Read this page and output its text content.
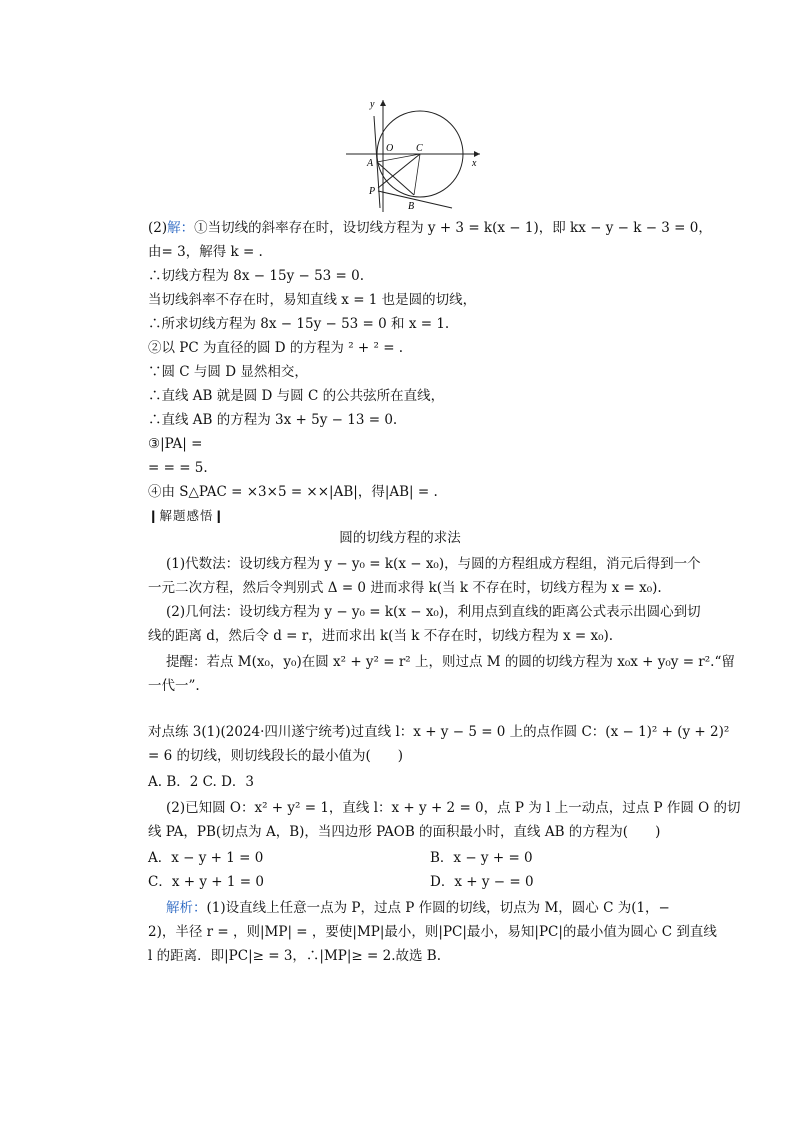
y
x
O C
A
P
B
(2)解：①当切线的斜率存在时，设切线方程为 y + 3 = k(x − 1)，即 kx − y − k − 3 = 0，
由= 3，解得 k = .
∴切线方程为 8x − 15y − 53 = 0.
当切线斜率不存在时，易知直线 x = 1 也是圆的切线，
∴所求切线方程为 8x − 15y − 53 = 0 和 x = 1.
②以 PC 为直径的圆 D 的方程为 ² + ² = .
∵圆 C 与圆 D 显然相交，
∴直线 AB 就是圆 D 与圆 C 的公共弦所在直线，
∴直线 AB 的方程为 3x + 5y − 13 = 0.
③|PA| =
= = = 5.
④由 S△PAC = ×3×5 = ××|AB|，得|AB| = .
❙解题感悟❙
圆的切线方程的求法
(1)代数法：设切线方程为 y − y₀ = k(x − x₀)，与圆的方程组成方程组，消元后得到一个
一元二次方程，然后令判别式 Δ = 0 进而求得 k(当 k 不存在时，切线方程为 x = x₀).
(2)几何法：设切线方程为 y − y₀ = k(x − x₀)，利用点到直线的距离公式表示出圆心到切
线的距离 d，然后令 d = r，进而求出 k(当 k 不存在时，切线方程为 x = x₀).
提醒：若点 M(x₀，y₀)在圆 x² + y² = r² 上，则过点 M 的圆的切线方程为 x₀x + y₀y = r².“留
一代一”.
对点练 3(1)(2024·四川遂宁统考)过直线 l：x + y − 5 = 0 上的点作圆 C：(x − 1)² + (y + 2)²
= 6 的切线，则切线段长的最小值为(　　)
A. B．2 C. D．3
(2)已知圆 O：x² + y² = 1，直线 l：x + y + 2 = 0，点 P 为 l 上一动点，过点 P 作圆 O 的切
线 PA，PB(切点为 A，B)，当四边形 PAOB 的面积最小时，直线 AB 的方程为(　　)
A．x − y + 1 = 0	B．x − y + = 0
C．x + y + 1 = 0	D．x + y − = 0
解析：(1)设直线上任意一点为 P，过点 P 作圆的切线，切点为 M，圆心 C 为(1，−
2)，半径 r = ，则|MP| = ，要使|MP|最小，则|PC|最小，易知|PC|的最小值为圆心 C 到直线
l 的距离．即|PC|≥ = 3，∴|MP|≥ = 2.故选 B.
